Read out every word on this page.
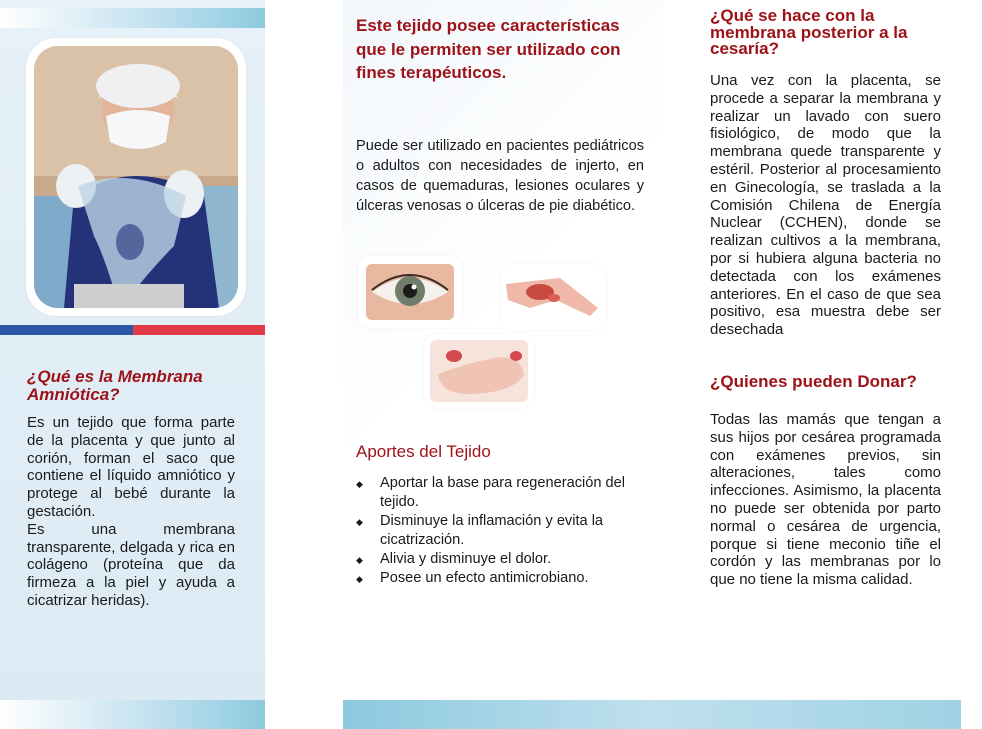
¿Qué es la Membrana Amniótica?
Es un tejido que forma parte de la placenta y que junto al corión, forman el saco que contiene el líquido amniótico y protege al bebé durante la gestación.
Es una membrana transparente, delgada y rica en colágeno (proteína que da firmeza a la piel y ayuda a cicatrizar heridas).
Este tejido posee características que le permiten ser utilizado con fines terapéuticos.
Puede ser utilizado en pacientes pediátricos o adultos con necesidades de injerto, en casos de quemaduras, lesiones oculares y úlceras venosas o úlceras de pie diabético.
Aportes del Tejido
◆ Aportar la base para regeneración del tejido.
◆ Disminuye la inflamación y evita la cicatrización.
◆ Alivia y disminuye el dolor.
◆ Posee un efecto antimicrobiano.
¿Qué se hace con la membrana posterior a la cesaría?
Una vez con la placenta, se procede a separar la membrana y realizar un lavado con suero fisiológico, de modo que la membrana quede transparente y estéril. Posterior al procesamiento en Ginecología, se traslada a la Comisión Chilena de Energía Nuclear (CCHEN), donde se realizan cultivos a la membrana, por si hubiera alguna bacteria no detectada con los exámenes anteriores. En el caso de que sea positivo, esa muestra debe ser desechada
¿Quienes pueden Donar?
Todas las mamás que tengan a sus hijos por cesárea programada con exámenes previos, sin alteraciones, tales como infecciones. Asimismo, la placenta no puede ser obtenida por parto normal o cesárea de urgencia, porque si tiene meconio tiñe el cordón y las membranas por lo que no tiene la misma calidad.
